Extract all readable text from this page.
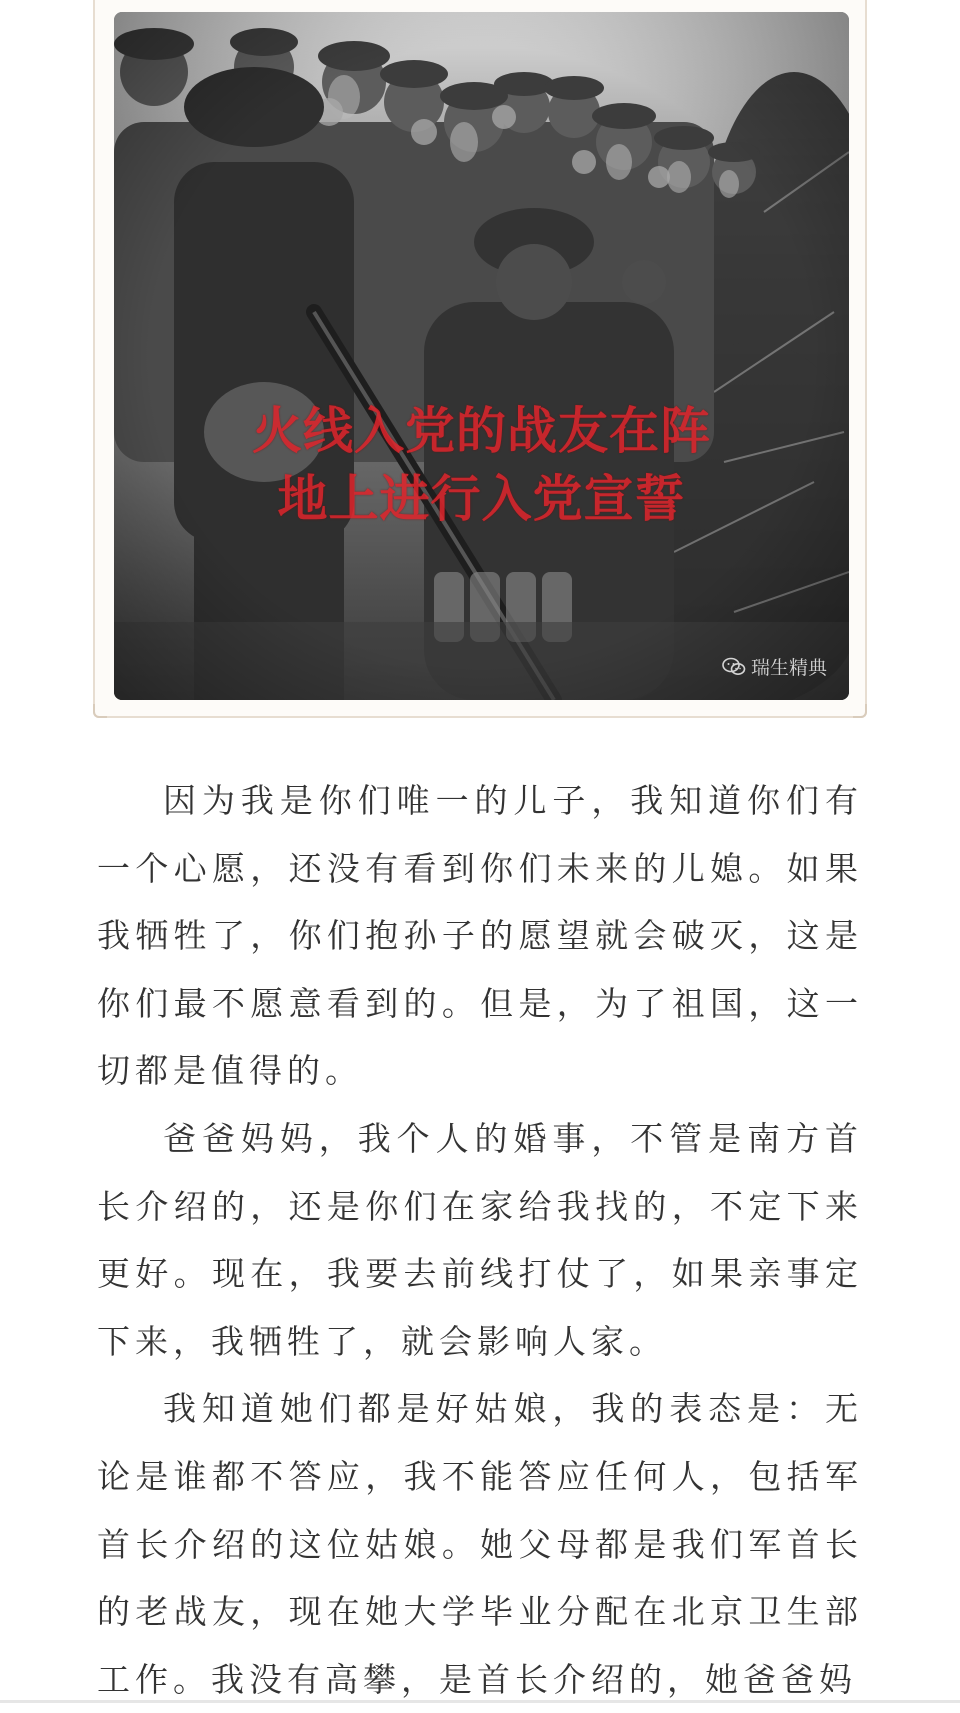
火线入党的战友在阵
地上进行入党宣誓
瑞生精典

因为我是你们唯一的儿子，我知道你们有一个心愿，还没有看到你们未来的儿媳。如果我牺牲了，你们抱孙子的愿望就会破灭，这是你们最不愿意看到的。但是，为了祖国，这一切都是值得的。

爸爸妈妈，我个人的婚事，不管是南方首长介绍的，还是你们在家给我找的，不定下来更好。现在，我要去前线打仗了，如果亲事定下来，我牺牲了，就会影响人家。

我知道她们都是好姑娘，我的表态是：无论是谁都不答应，我不能答应任何人，包括军首长介绍的这位姑娘。她父母都是我们军首长的老战友，现在她大学毕业分配在北京卫生部工作。我没有高攀，是首长介绍的，她爸爸妈
